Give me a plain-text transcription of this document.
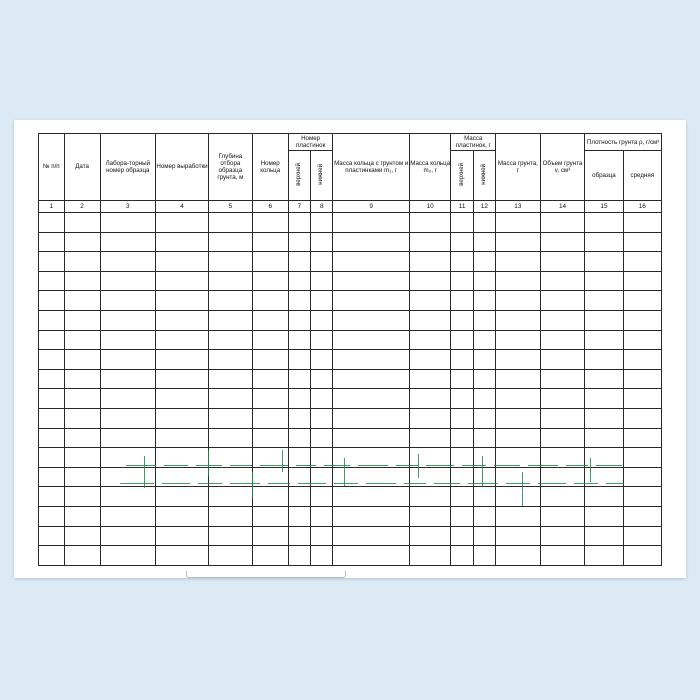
№ п/п	Дата	Лабора-торный номер образца	Номер выработки	Глубина отбора образца грунта, м	Номер кольца	Номер пластинок		Масса кольца с грунтом и пластинками m₁, г	Масса кольца m₀, г	Масса пластинок, г		Масса грунта, г	Объем грунта v, см³	Плотность грунта ρ, г/см³	
						верхней	нижней			верхней	нижней			образца	средняя
1	2	3	4	5	6	7	8	9	10	11	12	13	14	15	16
